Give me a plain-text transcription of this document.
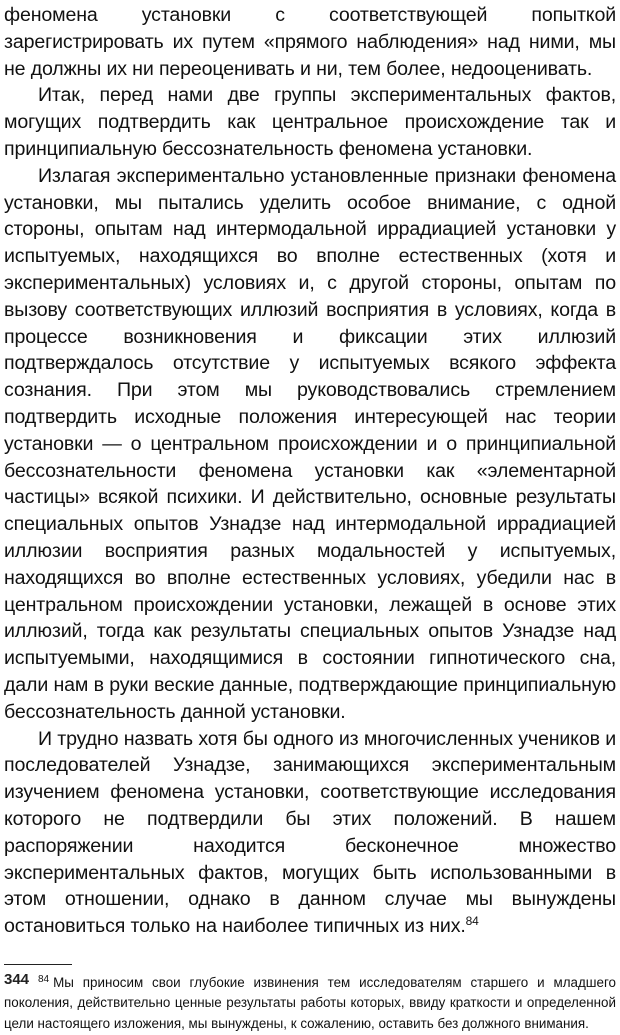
феномена установки с соответствующей попыткой зарегистрировать их путем «прямого наблюдения» над ними, мы не должны их ни переоценивать и ни, тем более, недооценивать.

Итак, перед нами две группы экспериментальных фактов, могущих подтвердить как центральное происхождение так и принципиальную бессознательность феномена установки.

Излагая экспериментально установленные признаки феномена установки, мы пытались уделить особое внимание, с одной стороны, опытам над интермодальной иррадиацией установки у испытуемых, находящихся во вполне естественных (хотя и экспериментальных) условиях и, с другой стороны, опытам по вызову соответствующих иллюзий восприятия в условиях, когда в процессе возникновения и фиксации этих иллюзий подтверждалось отсутствие у испытуемых всякого эффекта сознания. При этом мы руководствовались стремлением подтвердить исходные положения интересующей нас теории установки — о центральном происхождении и о принципиальной бессознательности феномена установки как «элементарной частицы» всякой психики. И действительно, основные результаты специальных опытов Узнадзе над интермодальной иррадиацией иллюзии восприятия разных модальностей у испытуемых, находящихся во вполне естественных условиях, убедили нас в центральном происхождении установки, лежащей в основе этих иллюзий, тогда как результаты специальных опытов Узнадзе над испытуемыми, находящимися в состоянии гипнотического сна, дали нам в руки веские данные, подтверждающие принципиальную бессознательность данной установки.

И трудно назвать хотя бы одного из многочисленных учеников и последователей Узнадзе, занимающихся экспериментальным изучением феномена установки, соответствующие исследования которого не подтвердили бы этих положений. В нашем распоряжении находится бесконечное множество экспериментальных фактов, могущих быть использованными в этом отношении, однако в данном случае мы вынуждены остановиться только на наиболее типичных из них.$^{84}$

$^{84}$ Мы приносим свои глубокие извинения тем исследователям старшего и младшего поколения, действительно ценные результаты работы которых, ввиду краткости и определенной цели настоящего изложения, мы вынуждены, к сожалению, оставить без должного внимания.

344
